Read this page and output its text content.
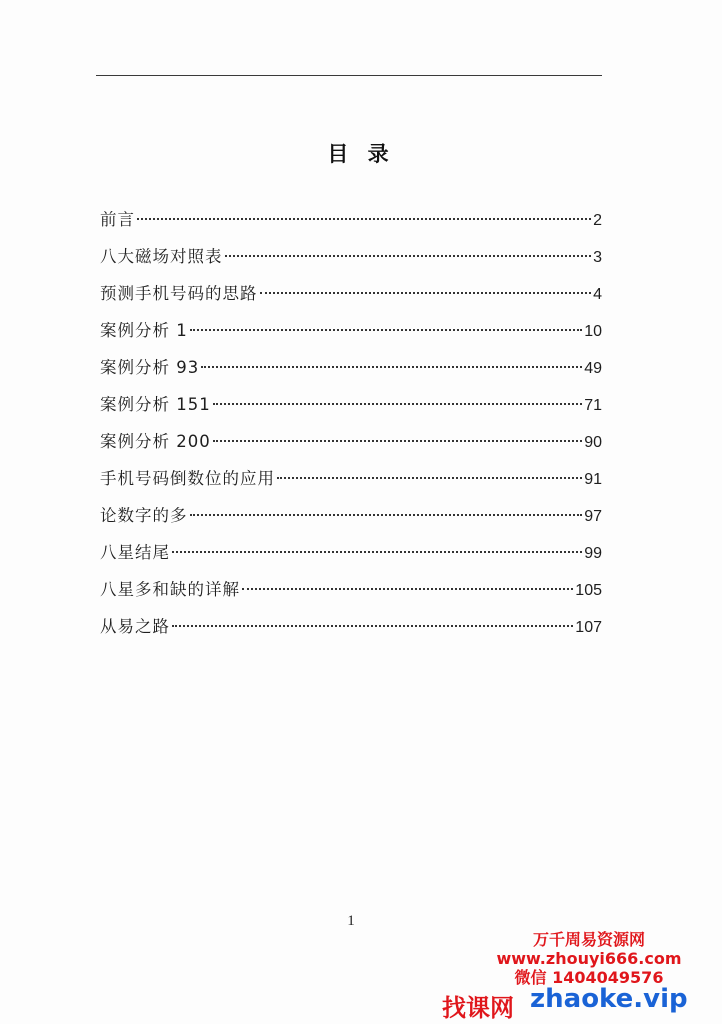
目 录
前言	2
八大磁场对照表	3
预测手机号码的思路	4
案例分析 1	10
案例分析 93	49
案例分析 151	71
案例分析 200	90
手机号码倒数位的应用	91
论数字的多	97
八星结尾	99
八星多和缺的详解	105
从易之路	107
1
万千周易资源网
www.zhouyi666.com
微信 1404049576
找课网 zhaoke.vip
